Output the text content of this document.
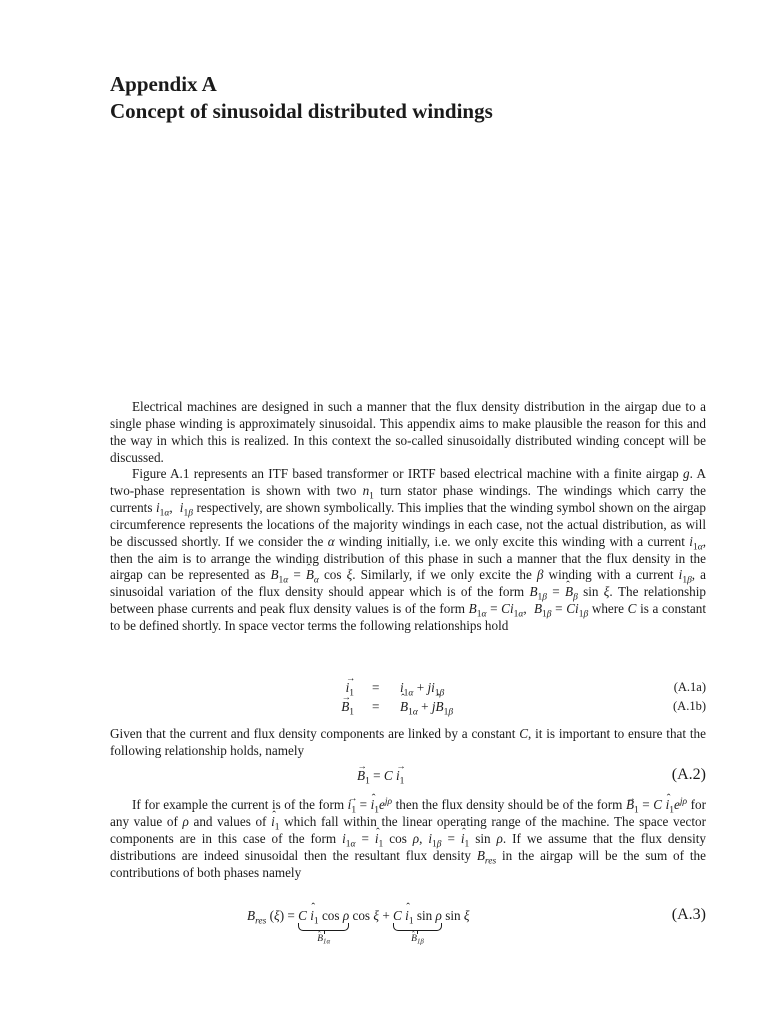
Appendix A
Concept of sinusoidal distributed windings

Electrical machines are designed in such a manner that the flux density distribution in the airgap due to a single phase winding is approximately sinusoidal. This appendix aims to make plausible the reason for this and the way in which this is realized. In this context the so-called sinusoidally distributed winding concept will be discussed.

Figure A.1 represents an ITF based transformer or IRTF based electrical machine with a finite airgap g. A two-phase representation is shown with two $n_1$ turn stator phase windings. The windings which carry the currents $i_{1\alpha}$,  $i_{1\beta}$ respectively, are shown symbolically. This implies that the winding symbol shown on the airgap circumference represents the locations of the majority windings in each case, not the actual distribution, as will be discussed shortly. If we consider the α winding initially, i.e. we only excite this winding with a current $i_{1\alpha}$, then the aim is to arrange the winding distribution of this phase in such a manner that the flux density in the airgap can be represented as $B_{1\alpha}$ = ˆ $B_\alpha$ cos ξ. Similarly, if we only excite the β winding with a current $i_{1\beta}$, a sinusoidal variation of the flux density should appear which is of the form $B_{1\beta}$ = ˆ $B_\beta$ sin ξ. The relationship between phase currents and peak flux density values is of the form $B_{1\alpha} = Ci_{1\alpha}$,  $B_{1\beta} = Ci_{1\beta}$ where C is a constant to be defined shortly. In space vector terms the following relationships hold

→ $i_1 = i_{1\alpha} + ji_{1\beta}$	(A.1a)
→ $B_1$ = ˆ $B_{1\alpha}$ + jˆ $B_{1\beta}$	(A.1b)

Given that the current and flux density components are linked by a constant C, it is important to ensure that the following relationship holds, namely

→ $B_1 = C \to i_1$	(A.2)

If for example the current is of the form → $i_1$ = ˆ $i_1e^{j\rho}$ then the flux density should be of the form → $B_1 = C$ ˆ $i_1e^{j\rho}$ for any value of ρ and values of ˆ $i_1$ which fall within the linear operating range of the machine. The space vector components are in this case of the form $i_{1\alpha}$ = ˆ $i_1$ cos ρ, $i_{1\beta}$ = ˆ $i_1$ sin ρ. If we assume that the flux density distributions are indeed sinusoidal then the resultant flux density $B_{res}$ in the airgap will be the sum of the contributions of both phases namely

$B_{res}$ (ξ) = C ˆ $i_1$ cos ρ
ˆ $B_{1\alpha}$
cos ξ + C ˆ $i_1$ sin ρ
ˆ $B_{1\beta}$
sin ξ	(A.3)
